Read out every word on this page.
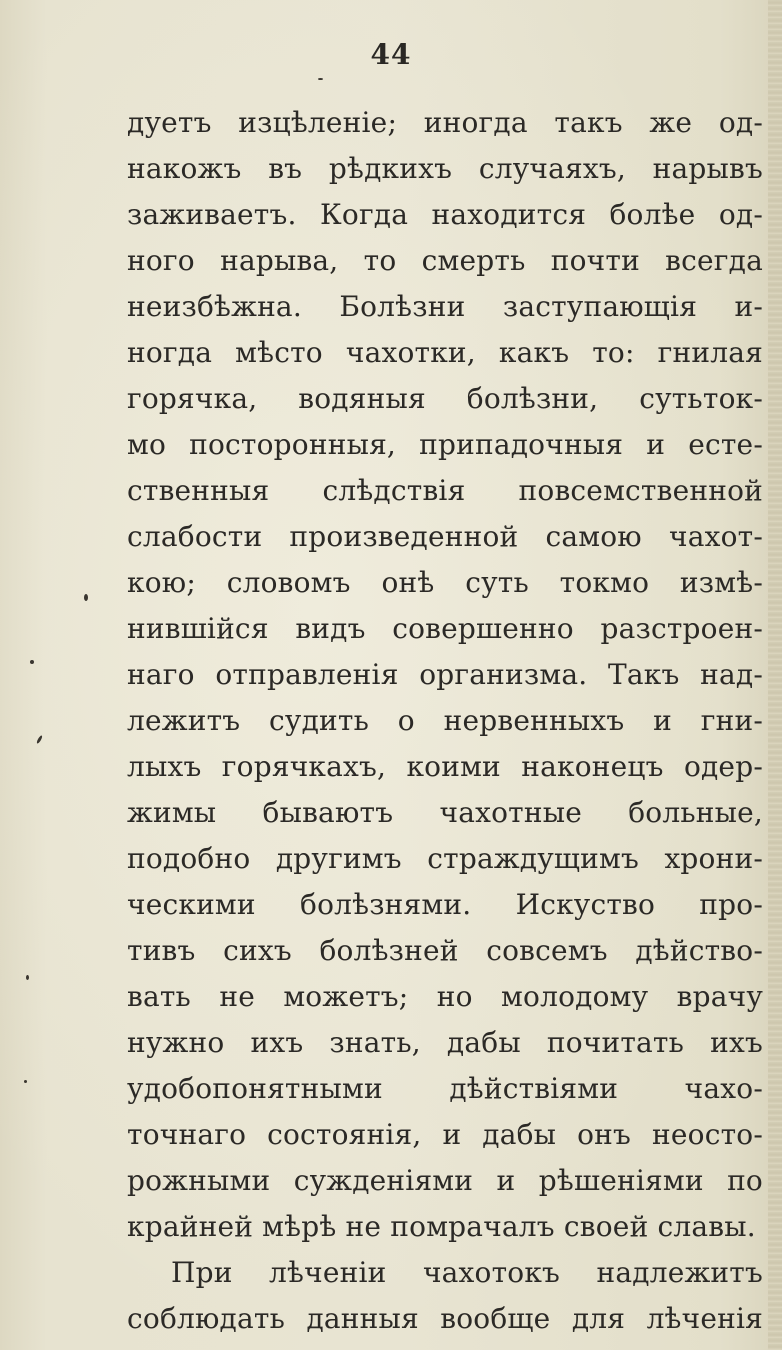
44
дуетъ изцѣленіе; иногда такъ же од-
накожъ въ рѣдкихъ случаяхъ, нарывъ
заживаетъ. Когда находится болѣе од-
ного нарыва, то смерть почти всегда
неизбѣжна. Болѣзни заступающія и-
ногда мѣсто чахотки, какъ то: гнилая
горячка, водяныя болѣзни, сутьток-
мо посторонныя, припадочныя и есте-
ственныя слѣдствія повсемственной
слабости произведенной самою чахот-
кою; словомъ онѣ суть токмо измѣ-
нившійся видъ совершенно разстроен-
наго отправленія организма. Такъ над-
лежитъ судить о нервенныхъ и гни-
лыхъ горячкахъ, коими наконецъ одер-
жимы бываютъ чахотные больные,
подобно другимъ страждущимъ хрони-
ческими болѣзнями. Искуство про-
тивъ сихъ болѣзней совсемъ дѣйство-
вать не можетъ; но молодому врачу
нужно ихъ знать, дабы почитать ихъ
удобопонятными дѣйствіями чахо-
точнаго состоянія, и дабы онъ неосто-
рожными сужденіями и рѣшеніями по
крайней мѣрѣ не помрачалъ своей славы.
При лѣченіи чахотокъ надлежитъ
соблюдать данныя вообще для лѣченія
